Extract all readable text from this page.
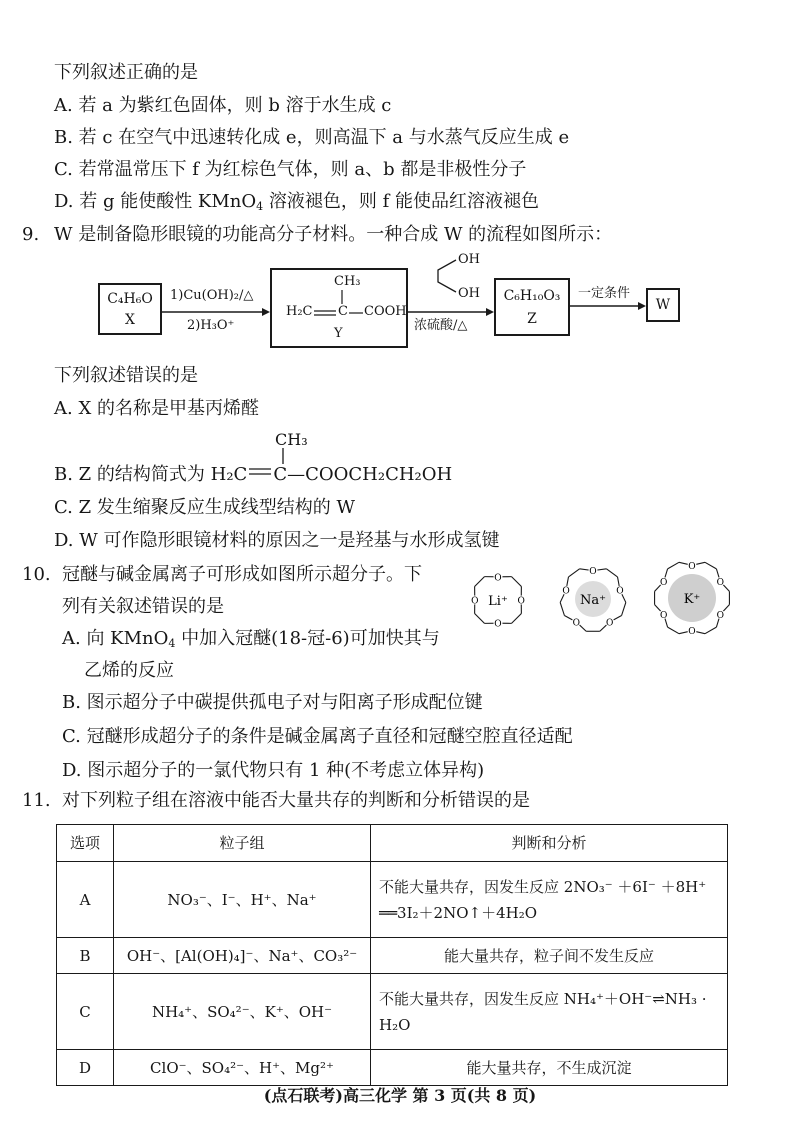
下列叙述正确的是
A. 若 a 为紫红色固体，则 b 溶于水生成 c
B. 若 c 在空气中迅速转化成 e，则高温下 a 与水蒸气反应生成 e
C. 若常温常压下 f 为红棕色气体，则 a、b 都是非极性分子
D. 若 g 能使酸性 KMnO$_4$ 溶液褪色，则 f 能使品红溶液褪色
9. W 是制备隐形眼镜的功能高分子材料。一种合成 W 的流程如图所示：
C₄H₆O
X
1)Cu(OH)₂/△
2)H₃O⁺
CH₃
H₂C C COOH
Y
OH
OH
浓硫酸/△
C₆H₁₀O₃
Z
一定条件
W
下列叙述错误的是
A. X 的名称是甲基丙烯醛
CH₃
B. Z 的结构简式为 H₂C C—COOCH₂CH₂OH
C. Z 发生缩聚反应生成线型结构的 W
D. W 可作隐形眼镜材料的原因之一是羟基与水形成氢键
10. 冠醚与碱金属离子可形成如图所示超分子。下
列有关叙述错误的是
A. 向 KMnO$_4$ 中加入冠醚(18-冠-6)可加快其与
乙烯的反应
B. 图示超分子中碳提供孤电子对与阳离子形成配位键
C. 冠醚形成超分子的条件是碱金属离子直径和冠醚空腔直径适配
D. 图示超分子的一氯代物只有 1 种(不考虑立体异构)
O
O
O
O Li⁺
O
O
O
O
O
Na⁺
O
O
O
O
O
O
K⁺
11. 对下列粒子组在溶液中能否大量共存的判断和分析错误的是
选项	粒子组	判断和分析
A	NO₃⁻、I⁻、H⁺、Na⁺	不能大量共存，因发生反应 2NO₃⁻ ＋6I⁻ ＋8H⁺
══3I₂＋2NO↑＋4H₂O

B	OH⁻、[Al(OH)₄]⁻、Na⁺、CO₃²⁻	能大量共存，粒子间不发生反应
C	NH₄⁺、SO₄²⁻、K⁺、OH⁻	不能大量共存，因发生反应 NH₄⁺＋OH⁻⇌NH₃ ·
H₂O

D	ClO⁻、SO₄²⁻、H⁺、Mg²⁺	能大量共存，不生成沉淀
(点石联考)高三化学 第 3 页(共 8 页)
